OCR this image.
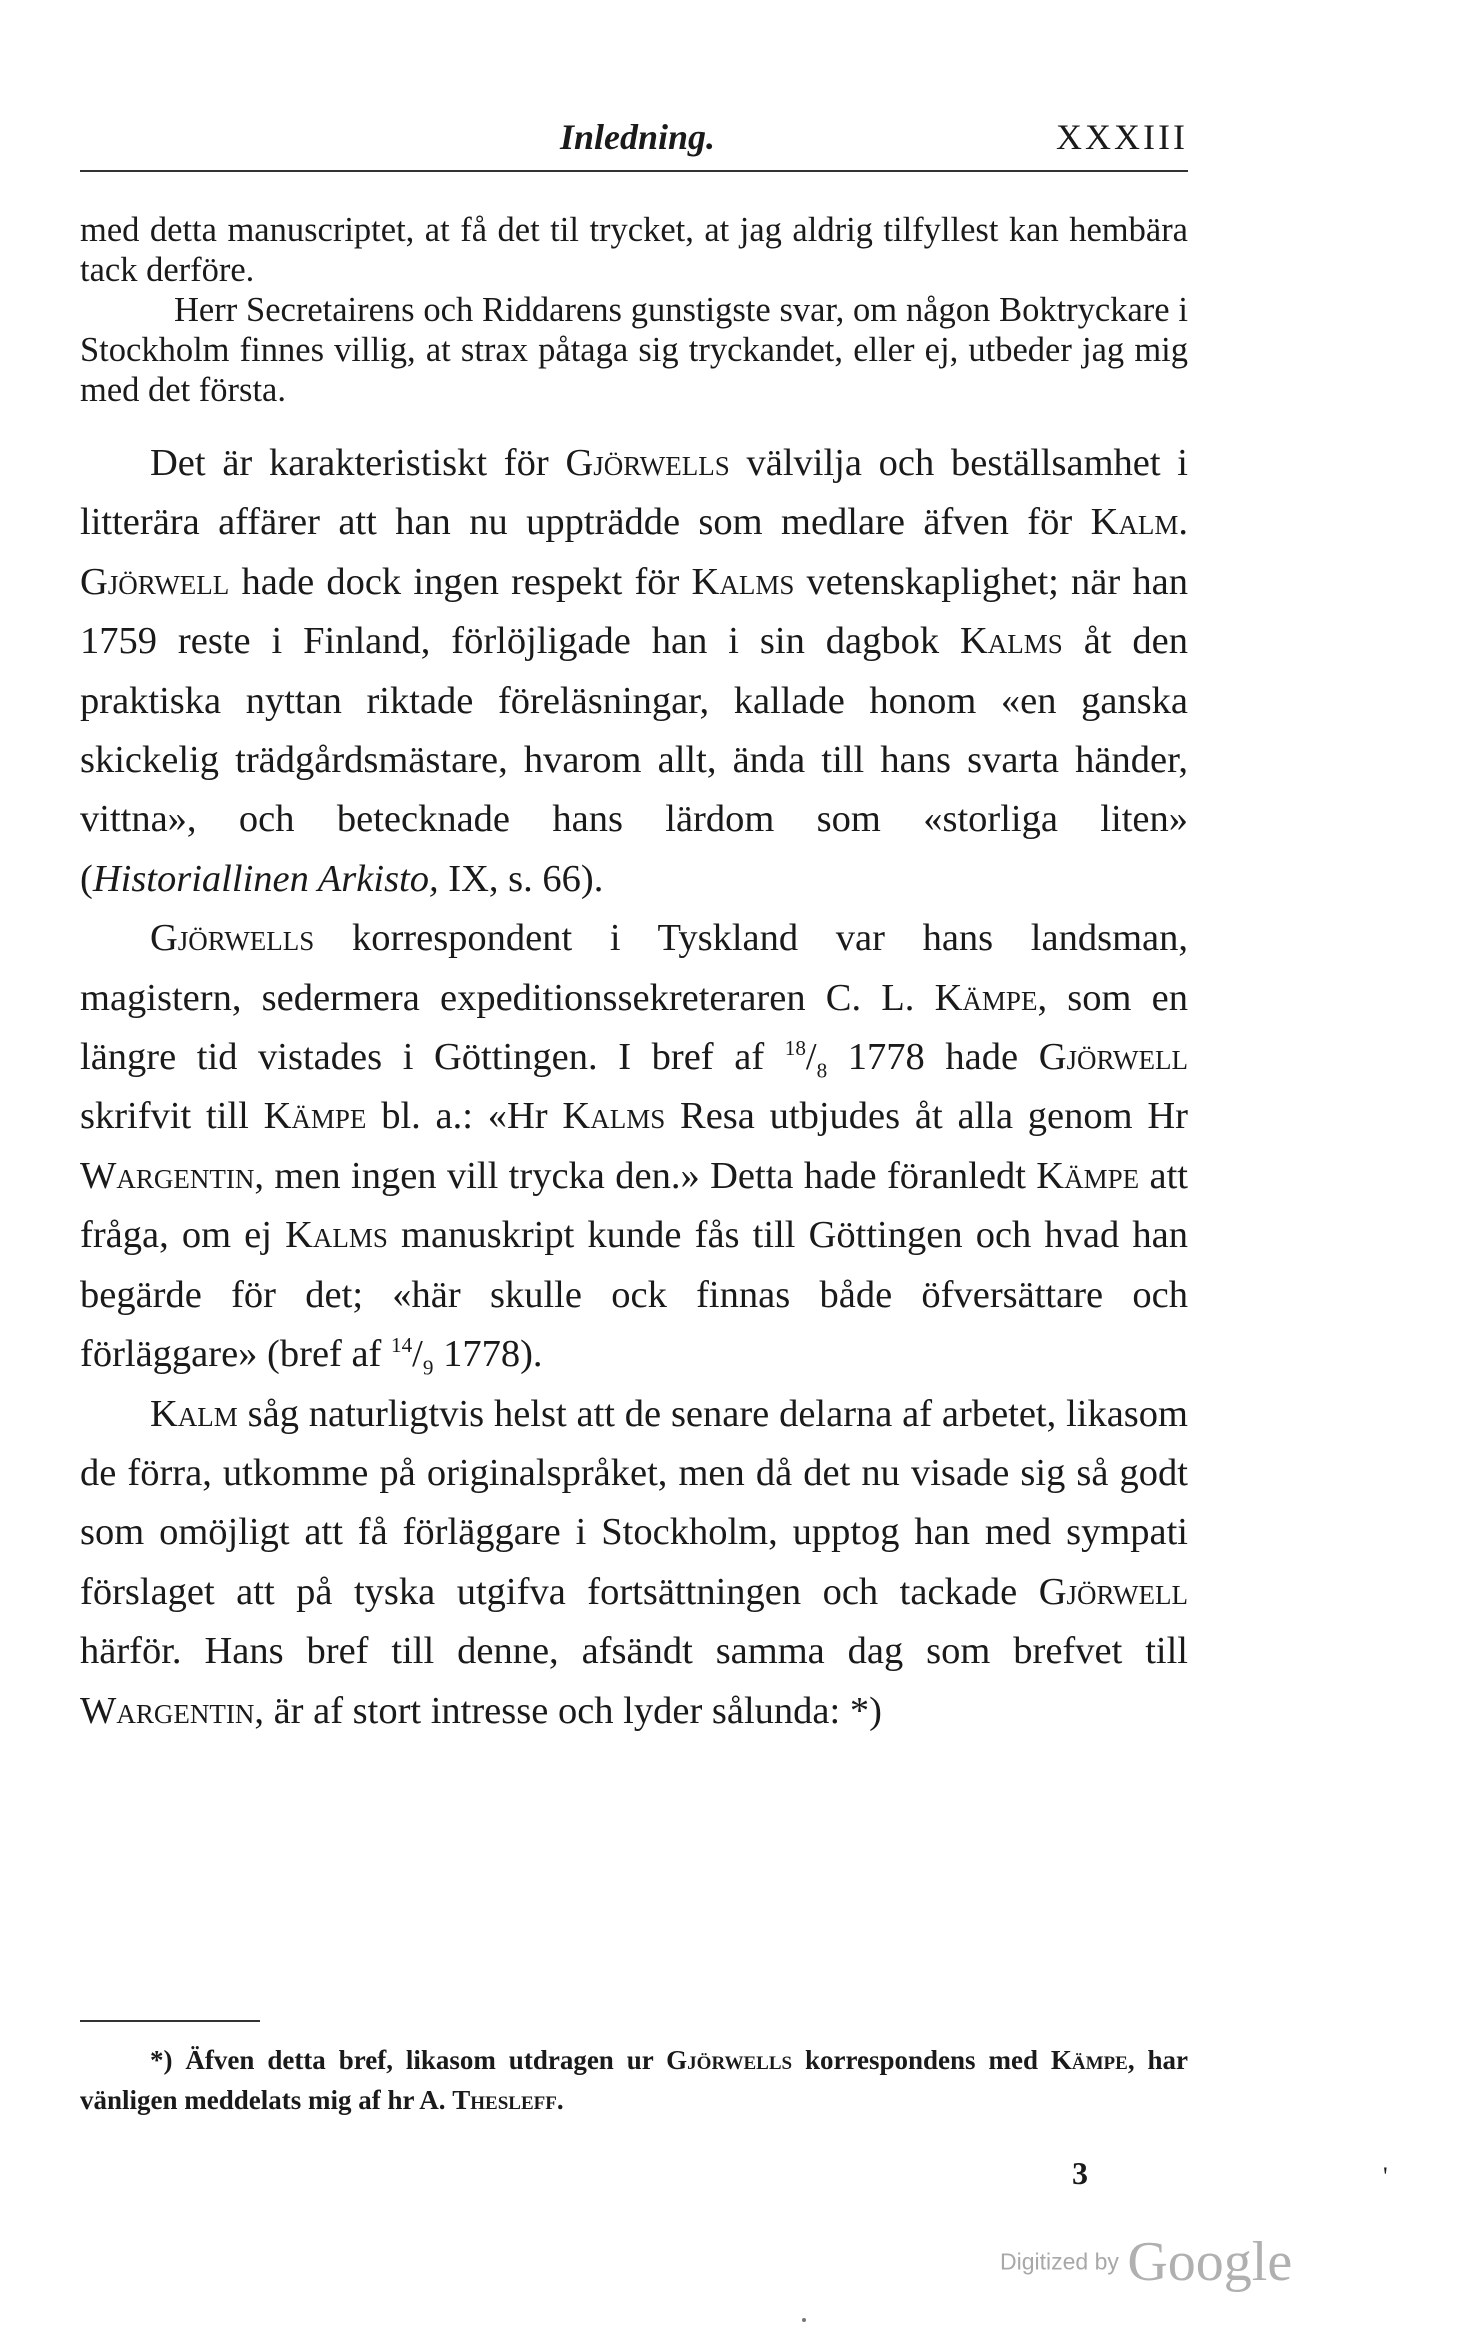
Inledning.	XXXIII

med detta manuscriptet, at få det til trycket, at jag aldrig tilfyllest kan hembära tack derföre.

Herr Secretairens och Riddarens gunstigste svar, om någon Boktryckare i Stockholm finnes villig, at strax påtaga sig tryckandet, eller ej, utbeder jag mig med det första.

Det är karakteristiskt för Gjörwells välvilja och beställsamhet i litterära affärer att han nu uppträdde som medlare äfven för Kalm. Gjörwell hade dock ingen respekt för Kalms vetenskaplighet; när han 1759 reste i Finland, förlöjligade han i sin dagbok Kalms åt den praktiska nyttan riktade föreläsningar, kallade honom «en ganska skickelig trädgårdsmästare, hvarom allt, ända till hans svarta händer, vittna», och betecknade hans lärdom som «storliga liten» (Historiallinen Arkisto, IX, s. 66).

Gjörwells korrespondent i Tyskland var hans landsman, magistern, sedermera expeditionssekreteraren C. L. Kämpe, som en längre tid vistades i Göttingen. I bref af $^{18}/_8$ 1778 hade Gjörwell skrifvit till Kämpe bl. a.: «Hr Kalms Resa utbjudes åt alla genom Hr Wargentin, men ingen vill trycka den.» Detta hade föranledt Kämpe att fråga, om ej Kalms manuskript kunde fås till Göttingen och hvad han begärde för det; «här skulle ock finnas både öfversättare och förläggare» (bref af $^{14}/_9$ 1778).

Kalm såg naturligtvis helst att de senare delarna af arbetet, likasom de förra, utkomme på originalspråket, men då det nu visade sig så godt som omöjligt att få förläggare i Stockholm, upptog han med sympati förslaget att på tyska utgifva fortsättningen och tackade Gjörwell härför. Hans bref till denne, afsändt samma dag som brefvet till Wargentin, är af stort intresse och lyder sålunda: *)

*) Äfven detta bref, likasom utdragen ur Gjörwells korrespondens med Kämpe, har vänligen meddelats mig af hr A. Thesleff.

3	'
Digitized by Google
